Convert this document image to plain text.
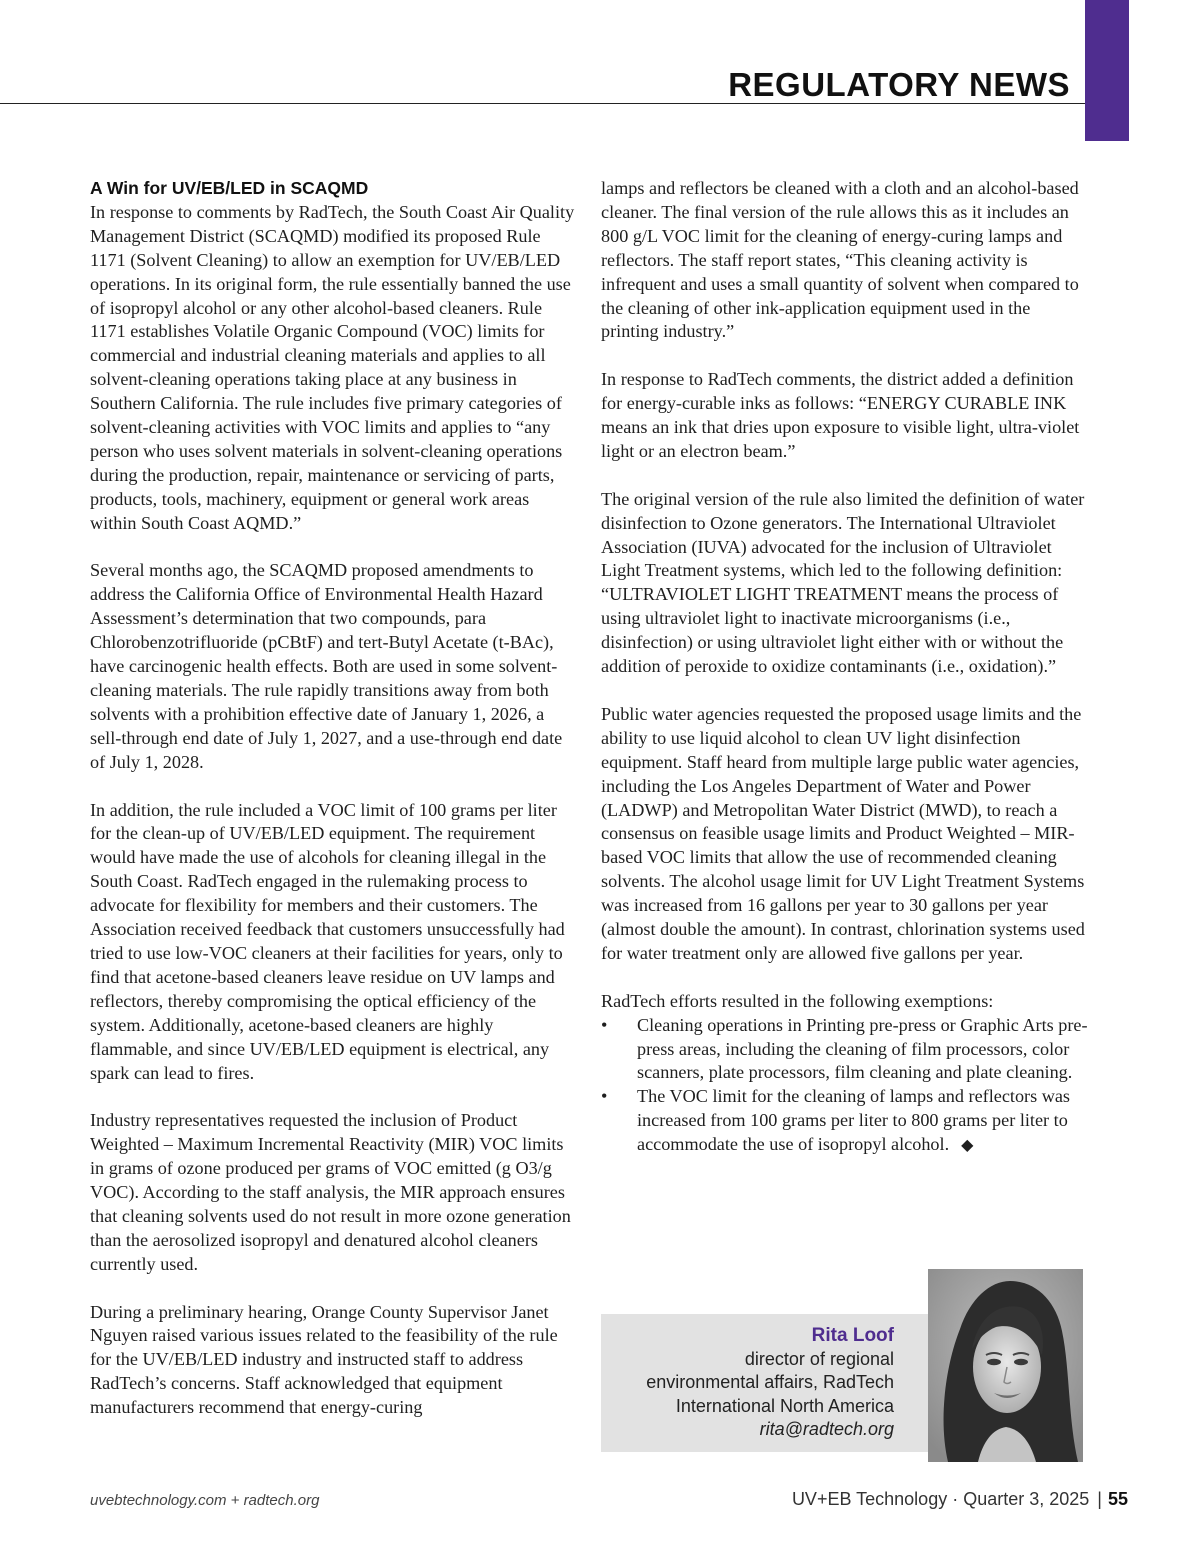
REGULATORY NEWS
A Win for UV/EB/LED in SCAQMD

In response to comments by RadTech, the South Coast Air Quality Management District (SCAQMD) modified its proposed Rule 1171 (Solvent Cleaning) to allow an exemption for UV/EB/LED operations. In its original form, the rule essentially banned the use of isopropyl alcohol or any other alcohol-based cleaners. Rule 1171 establishes Volatile Organic Compound (VOC) limits for commercial and industrial cleaning materials and applies to all solvent-cleaning operations taking place at any business in Southern California. The rule includes five primary categories of solvent-cleaning activities with VOC limits and applies to “any person who uses solvent materials in solvent-cleaning operations during the production, repair, maintenance or servicing of parts, products, tools, machinery, equipment or general work areas within South Coast AQMD.”

Several months ago, the SCAQMD proposed amendments to address the California Office of Environmental Health Hazard Assessment’s determination that two compounds, para Chlorobenzotrifluoride (pCBtF) and tert-Butyl Acetate (t-BAc), have carcinogenic health effects. Both are used in some solvent-cleaning materials. The rule rapidly transitions away from both solvents with a prohibition effective date of January 1, 2026, a sell-through end date of July 1, 2027, and a use-through end date of July 1, 2028.

In addition, the rule included a VOC limit of 100 grams per liter for the clean-up of UV/EB/LED equipment. The requirement would have made the use of alcohols for cleaning illegal in the South Coast. RadTech engaged in the rulemaking process to advocate for flexibility for members and their customers. The Association received feedback that customers unsuccessfully had tried to use low-VOC cleaners at their facilities for years, only to find that acetone-based cleaners leave residue on UV lamps and reflectors, thereby compromising the optical efficiency of the system. Additionally, acetone-based cleaners are highly flammable, and since UV/EB/LED equipment is electrical, any spark can lead to fires.

Industry representatives requested the inclusion of Product Weighted – Maximum Incremental Reactivity (MIR) VOC limits in grams of ozone produced per grams of VOC emitted (g O3/g VOC). According to the staff analysis, the MIR approach ensures that cleaning solvents used do not result in more ozone generation than the aerosolized isopropyl and denatured alcohol cleaners currently used.

During a preliminary hearing, Orange County Supervisor Janet Nguyen raised various issues related to the feasibility of the rule for the UV/EB/LED industry and instructed staff to address RadTech’s concerns. Staff acknowledged that equipment manufacturers recommend that energy-curing

lamps and reflectors be cleaned with a cloth and an alcohol-based cleaner. The final version of the rule allows this as it includes an 800 g/L VOC limit for the cleaning of energy-curing lamps and reflectors. The staff report states, “This cleaning activity is infrequent and uses a small quantity of solvent when compared to the cleaning of other ink-application equipment used in the printing industry.”

In response to RadTech comments, the district added a definition for energy-curable inks as follows: “ENERGY CURABLE INK means an ink that dries upon exposure to visible light, ultra-violet light or an electron beam.”

The original version of the rule also limited the definition of water disinfection to Ozone generators. The International Ultraviolet Association (IUVA) advocated for the inclusion of Ultraviolet Light Treatment systems, which led to the following definition: “ULTRAVIOLET LIGHT TREATMENT means the process of using ultraviolet light to inactivate microorganisms (i.e., disinfection) or using ultraviolet light either with or without the addition of peroxide to oxidize contaminants (i.e., oxidation).”

Public water agencies requested the proposed usage limits and the ability to use liquid alcohol to clean UV light disinfection equipment. Staff heard from multiple large public water agencies, including the Los Angeles Department of Water and Power (LADWP) and Metropolitan Water District (MWD), to reach a consensus on feasible usage limits and Product Weighted – MIR-based VOC limits that allow the use of recommended cleaning solvents. The alcohol usage limit for UV Light Treatment Systems was increased from 16 gallons per year to 30 gallons per year (almost double the amount). In contrast, chlorination systems used for water treatment only are allowed five gallons per year.

RadTech efforts resulted in the following exemptions:

• Cleaning operations in Printing pre-press or Graphic Arts pre-press areas, including the cleaning of film processors, color scanners, plate processors, film cleaning and plate cleaning.
• The VOC limit for the cleaning of lamps and reflectors was increased from 100 grams per liter to 800 grams per liter to accommodate the use of isopropyl alcohol. ◆
Rita Loof
director of regional
environmental affairs, RadTech
International North America
rita@radtech.org
uvebtechnology.com + radtech.org	UV+EB Technology · Quarter 3, 2025 | 55
